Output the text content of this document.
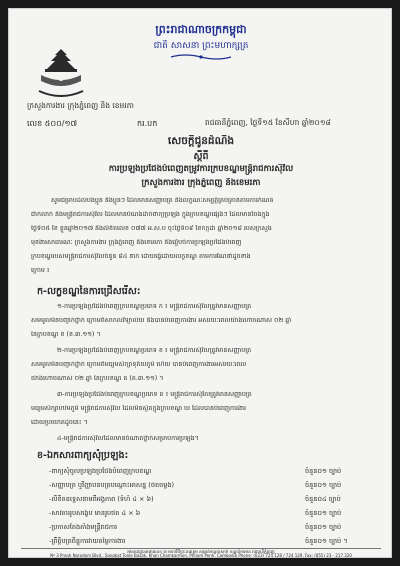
ព្រះរាជាណាចក្រកម្ពុជា
ជាតិ សាសនា ព្រះមហាក្សត្រ
ក្រសួងការងារ ក្រុងភ្នំពេញ និង ខេមរភា
លេខ ៥០០/១៧	ករ.បក	រាជធានីភ្នំពេញ, ថ្ងៃទី១៥ ខែសីហា ឆ្នាំ២០១៨
សេចក្តីជូនដំណឹង
ស្តីពី
ការប្រឡងប្រជែងបំពេញតម្រូវការក្របខណ្ឌមន្ត្រីរាជការស៊ីវិល
ក្រសួងការងារ ក្រុងភ្នំពេញ និងខេមរភា
សូមជម្រាបដល់បងប្អូន និងប្អូនៗ ដែលមានសញ្ញាបត្រ និងលក្ខណៈសម្បត្តិគ្រប់គ្រាន់តាមការកំណត់
ជាក់លាក់ និងមន្ត្រីរាជការស៊ីវិល ដែលមានបំណងដាក់ពាក្យប្រឡង ក្នុងក្របខណ្ឌផ្សេងៗ ដែលមានចែងក្នុង
ថ្ងៃទី០៥ ខែ ខ្លួនឆ្នាំ២០១៧ និងលិខិតលេខ ០៧៧ អ.ស.ប ចុះថ្ងៃទី០៩ ខែកក្កដា ឆ្នាំ២០១៨ របស់ក្រសួង
មុខងារសាធារណៈ ក្រសួងការងារ ក្រុងភ្នំពេញ និងខេមរភា នឹងរៀបចំការប្រឡងប្រជែងបំពេញ
ក្របខណ្ឌរបស់មន្ត្រីរាជការស៊ីវិលចំនួន ៨៤ នាក់ ដោយធ្វើដោយលក្ខខណ្ឌ តាមការណែនាំដូចខាង
ក្រោម ៖
ក-លក្ខខណ្ឌនៃការជ្រើសរើស:
១-ការប្រឡងប្រជែងបំពេញក្របខណ្ឌប្រភេទ ក ៖ មន្ត្រីរាជការស៊ីវិលត្រូវមានសញ្ញាបត្រ
សមមូលមិនបញ្ជាក់ថ្នាក់ ក្រោមពីសាកលវិទ្យាល័យ និងបានបំពេញការងារ អស់រយៈពេលយ៉ាងហោចណាស់ ០២ ឆ្នាំ
នៃក្របខណ្ឌ ខ (ខ.៣.១១) ។
២-ការប្រឡងប្រជែងបំពេញក្របខណ្ឌប្រភេទ ខ ៖ មន្ត្រីរាជការស៊ីវិលត្រូវមានសញ្ញាបត្រ
សមមូលមិនបញ្ជាក់ថ្នាក់ ក្រោមពីមធ្យមសិក្សាទុតិយភូមិ ហើយ បានបំពេញការងារអស់រយៈពេល
យ៉ាងហោចណាស់ ០២ ឆ្នាំ នៃក្របខណ្ឌ គ (គ.៣.១១) ។
៣-ការប្រឡងប្រជែងបំពេញក្របខណ្ឌប្រភេទ គ ៖ មន្ត្រីរាជការស៊ីវិលត្រូវមានសញ្ញាបត្រ
មធ្យមសិក្សាបឋមភូមិ មន្ត្រីរាជការស៊ីវិល ដែលមិនស្ថិតក្នុងក្របខណ្ឌ ឃ ដែលបានបំពេញការងារ
ដោយប្រយោគដូចនេះ ។
៤-មន្ត្រីរាជការស៊ីវិលដែលមានចំណាត់ថ្នាក់សម្រាប់ការប្រឡង។
ខ-ឯកសារពាក្យសុំប្រឡង:
-ពាក្យសុំចូលប្រឡងប្រជែងបំពេញក្របខណ្ឌ	ចំនួន០១ ច្បាប់
-សញ្ញាបត្រ ឬវិញ្ញាបនបត្របណ្ដោះអាសន្ន (ថតចម្លង)	ចំនួន០១ ច្បាប់
-លិខិតឧទ្ទេសនាមពីអង្គភាព (ទំហំ ៤ × ៦)	ចំនួន០៤ ច្បាប់
-សាវតាររូបសង្ខេប មានរូបថត ៤ × ៦	ចំនួន០១ ច្បាប់
-ប្រកាសតែងតាំងមន្ត្រីរាជការ	ចំនួន០១ ច្បាប់
-ព្រឹត្តិបត្រពិន្ទុការវាយតម្លៃការងារ	ចំនួន០១ ច្បាប់ ។
អាសយដ្ឋានអគារលេខ ៣ មហាវិថីព្រះនរោត្តម សង្កាត់ទន្លេបាសាក់ ខណ្ឌចំការមន រាជធានីភ្នំពេញ
Nº 3 Preah Norodom Blvd., Sangkat Tonle Basak, Khan Chamkarmon, Phnom Penh, Cambodia Phone: (023) 724 128 / 724 129, Fax: (855) 23 - 217 320
